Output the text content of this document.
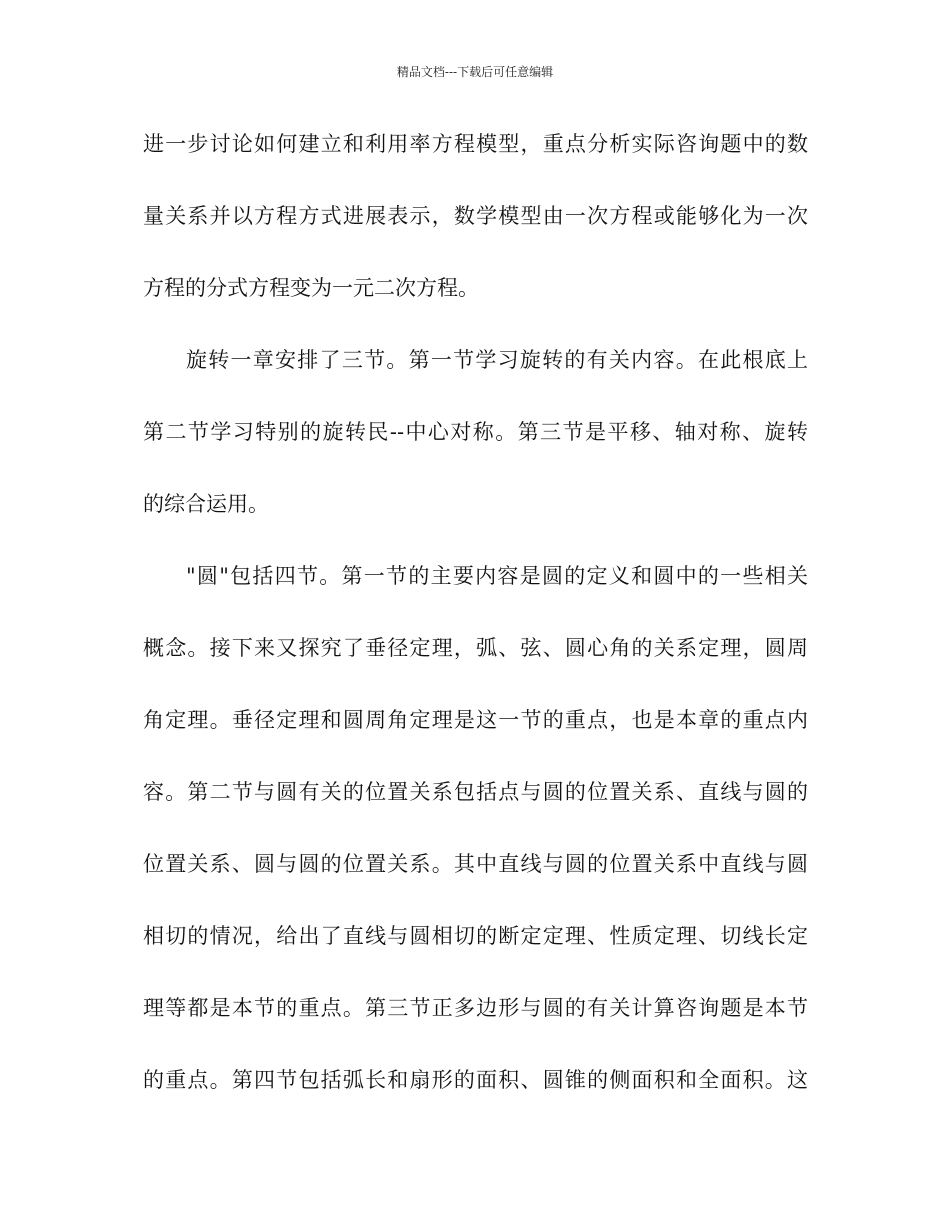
精品文档---下载后可任意编辑
进一步讨论如何建立和利用率方程模型，重点分析实际咨询题中的数
量关系并以方程方式进展表示，数学模型由一次方程或能够化为一次
方程的分式方程变为一元二次方程。
旋转一章安排了三节。第一节学习旋转的有关内容。在此根底上
第二节学习特别的旋转民--中心对称。第三节是平移、轴对称、旋转
的综合运用。
"圆"包括四节。第一节的主要内容是圆的定义和圆中的一些相关
概念。接下来又探究了垂径定理，弧、弦、圆心角的关系定理，圆周
角定理。垂径定理和圆周角定理是这一节的重点，也是本章的重点内
容。第二节与圆有关的位置关系包括点与圆的位置关系、直线与圆的
位置关系、圆与圆的位置关系。其中直线与圆的位置关系中直线与圆
相切的情况，给出了直线与圆相切的断定定理、性质定理、切线长定
理等都是本节的重点。第三节正多边形与圆的有关计算咨询题是本节
的重点。第四节包括弧长和扇形的面积、圆锥的侧面积和全面积。这
